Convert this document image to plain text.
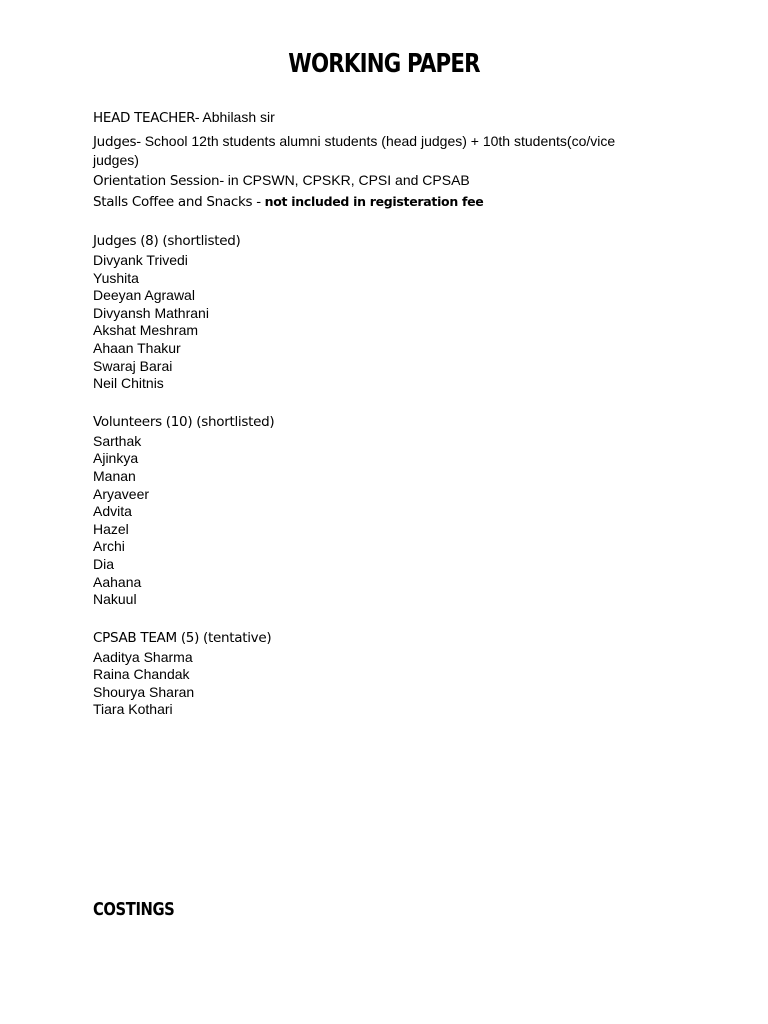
WORKING PAPER

HEAD TEACHER- Abhilash sir

Judges- School 12th students alumni students (head judges) + 10th students(co/vice judges)

Orientation Session- in CPSWN, CPSKR, CPSI and CPSAB

Stalls Coffee and Snacks - not included in registeration fee

Judges (8) (shortlisted)
Divyank Trivedi
Yushita
Deeyan Agrawal
Divyansh Mathrani
Akshat Meshram
Ahaan Thakur
Swaraj Barai
Neil Chitnis
Volunteers (10) (shortlisted)
Sarthak
Ajinkya
Manan
Aryaveer
Advita
Hazel
Archi
Dia
Aahana
Nakuul
CPSAB TEAM (5) (tentative)
Aaditya Sharma
Raina Chandak
Shourya Sharan
Tiara Kothari
COSTINGS
